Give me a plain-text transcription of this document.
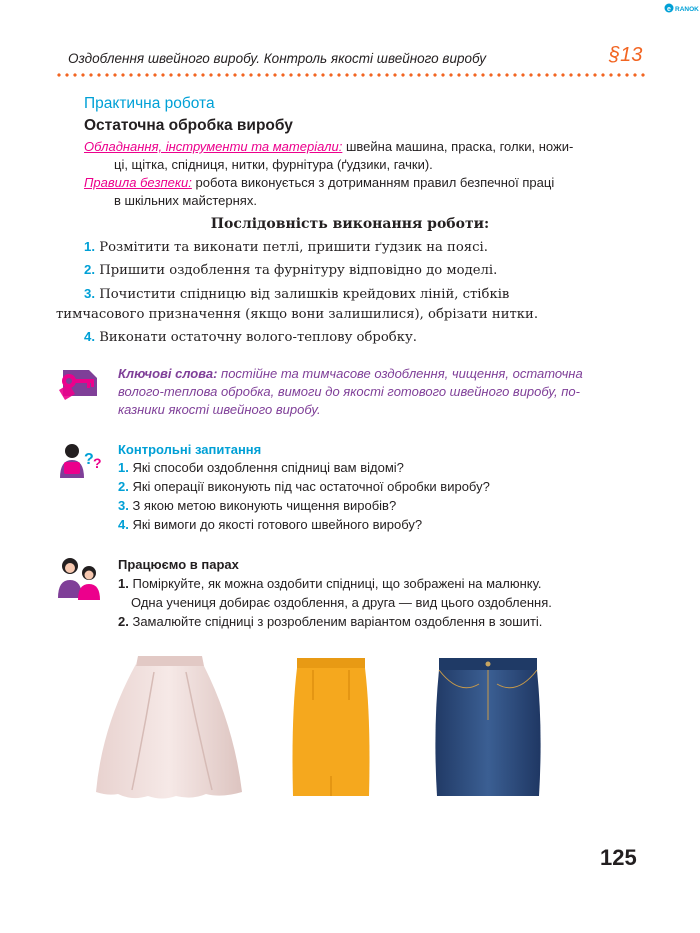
e RANOK
Оздоблення швейного виробу. Контроль якості швейного виробу	§13
Практична робота
Остаточна обробка виробу
Обладнання, інструменти та матеріали: швейна машина, праска, голки, ножи-
ці, щітка, спідниця, нитки, фурнітура (ґудзики, гачки).
Правила безпеки: робота виконується з дотриманням правил безпечної праці
в шкільних майстернях.
Послідовність виконання роботи:
1. Розмітити та виконати петлі, пришити ґудзик на поясі.
2. Пришити оздоблення та фурнітуру відповідно до моделі.
3. Почистити спідницю від залишків крейдових ліній, стібків
тимчасового призначення (якщо вони залишилися), обрізати нитки.
4. Виконати остаточну волого-теплову обробку.
Ключові слова: постійне та тимчасове оздоблення, чищення, остаточна
волого-теплова обробка, вимоги до якості готового швейного виробу, по-
казники якості швейного виробу.
? ?
Контрольні запитання
1. Які способи оздоблення спідниці вам відомі?
2. Які операції виконують під час остаточної обробки виробу?
3. З якою метою виконують чищення виробів?
4. Які вимоги до якості готового швейного виробу?
Працюємо в парах
1. Поміркуйте, як можна оздобити спідниці, що зображені на малюнку.
Одна учениця добирає оздоблення, а друга — вид цього оздоблення.
2. Замалюйте спідниці з розробленим варіантом оздоблення в зошиті.
125
